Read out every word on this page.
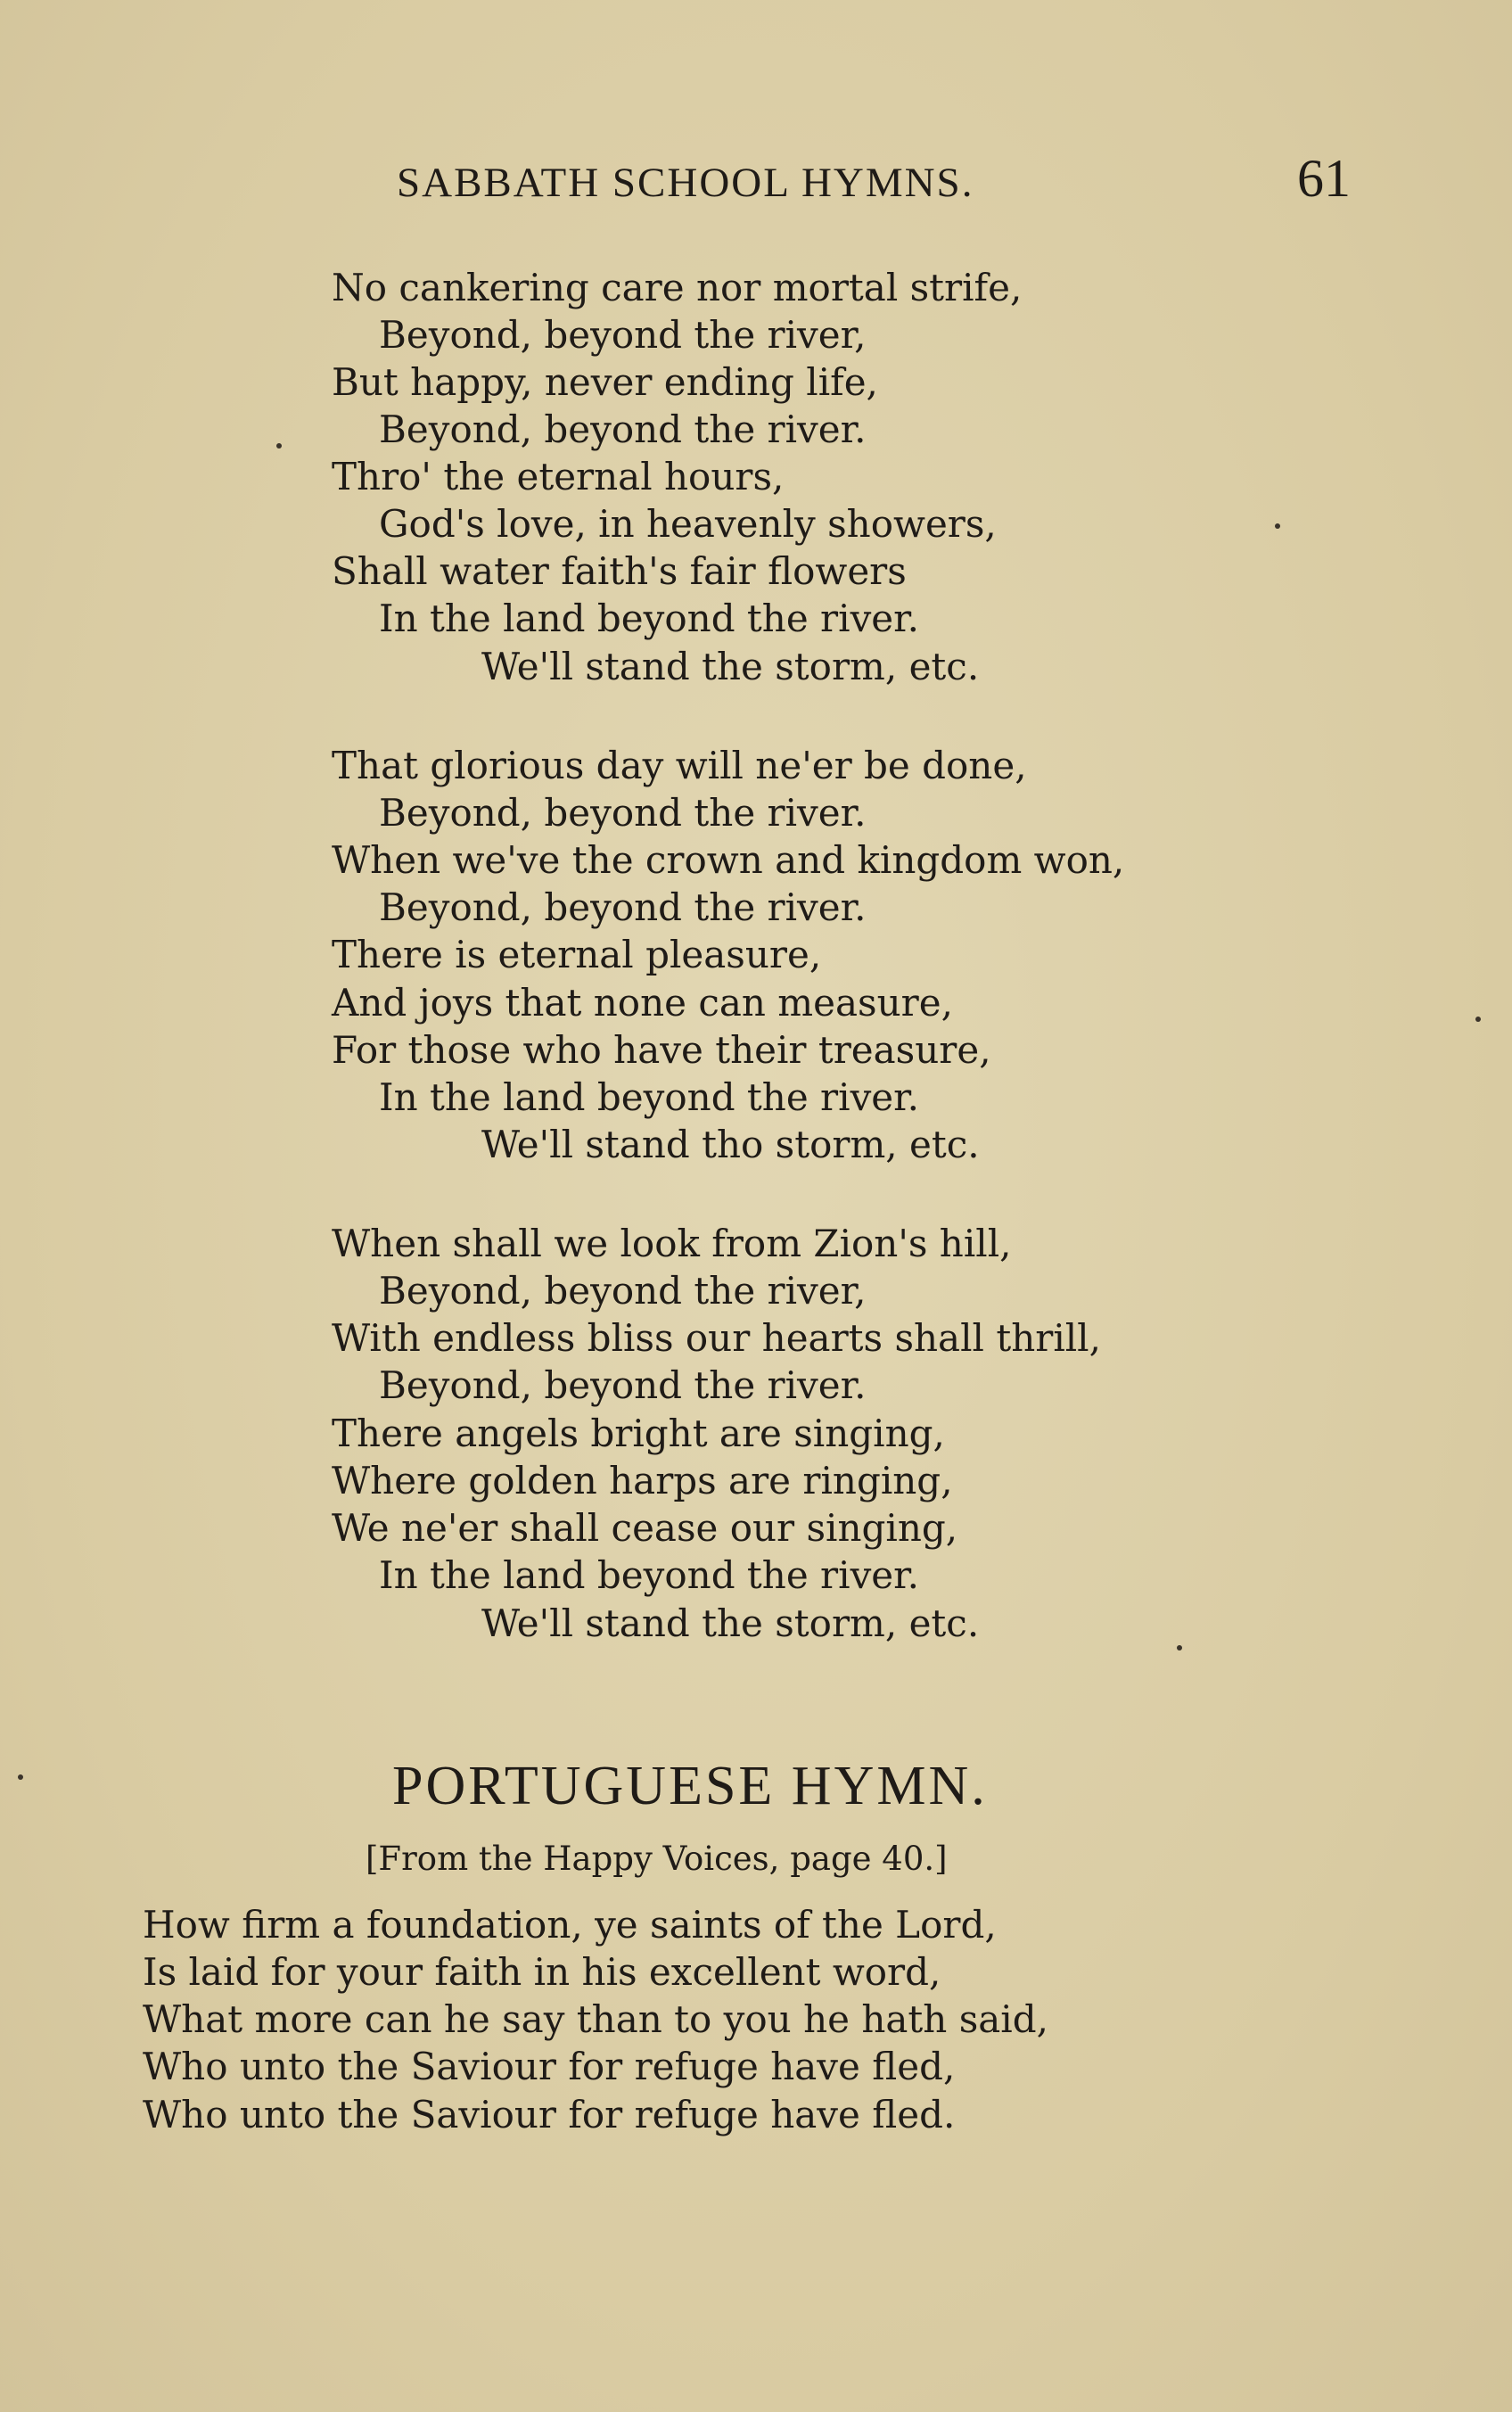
SABBATH SCHOOL HYMNS.	61
No cankering care nor mortal strife,
Beyond, beyond the river,
But happy, never ending life,
Beyond, beyond the river.
Thro' the eternal hours,
God's love, in heavenly showers,
Shall water faith's fair flowers
In the land beyond the river.
We'll stand the storm, etc.
That glorious day will ne'er be done,
Beyond, beyond the river.
When we've the crown and kingdom won,
Beyond, beyond the river.
There is eternal pleasure,
And joys that none can measure,
For those who have their treasure,
In the land beyond the river.
We'll stand tho storm, etc.
When shall we look from Zion's hill,
Beyond, beyond the river,
With endless bliss our hearts shall thrill,
Beyond, beyond the river.
There angels bright are singing,
Where golden harps are ringing,
We ne'er shall cease our singing,
In the land beyond the river.
We'll stand the storm, etc.
PORTUGUESE HYMN.
[From the Happy Voices, page 40.]
How firm a foundation, ye saints of the Lord,
Is laid for your faith in his excellent word,
What more can he say than to you he hath said,
Who unto the Saviour for refuge have fled,
Who unto the Saviour for refuge have fled.
